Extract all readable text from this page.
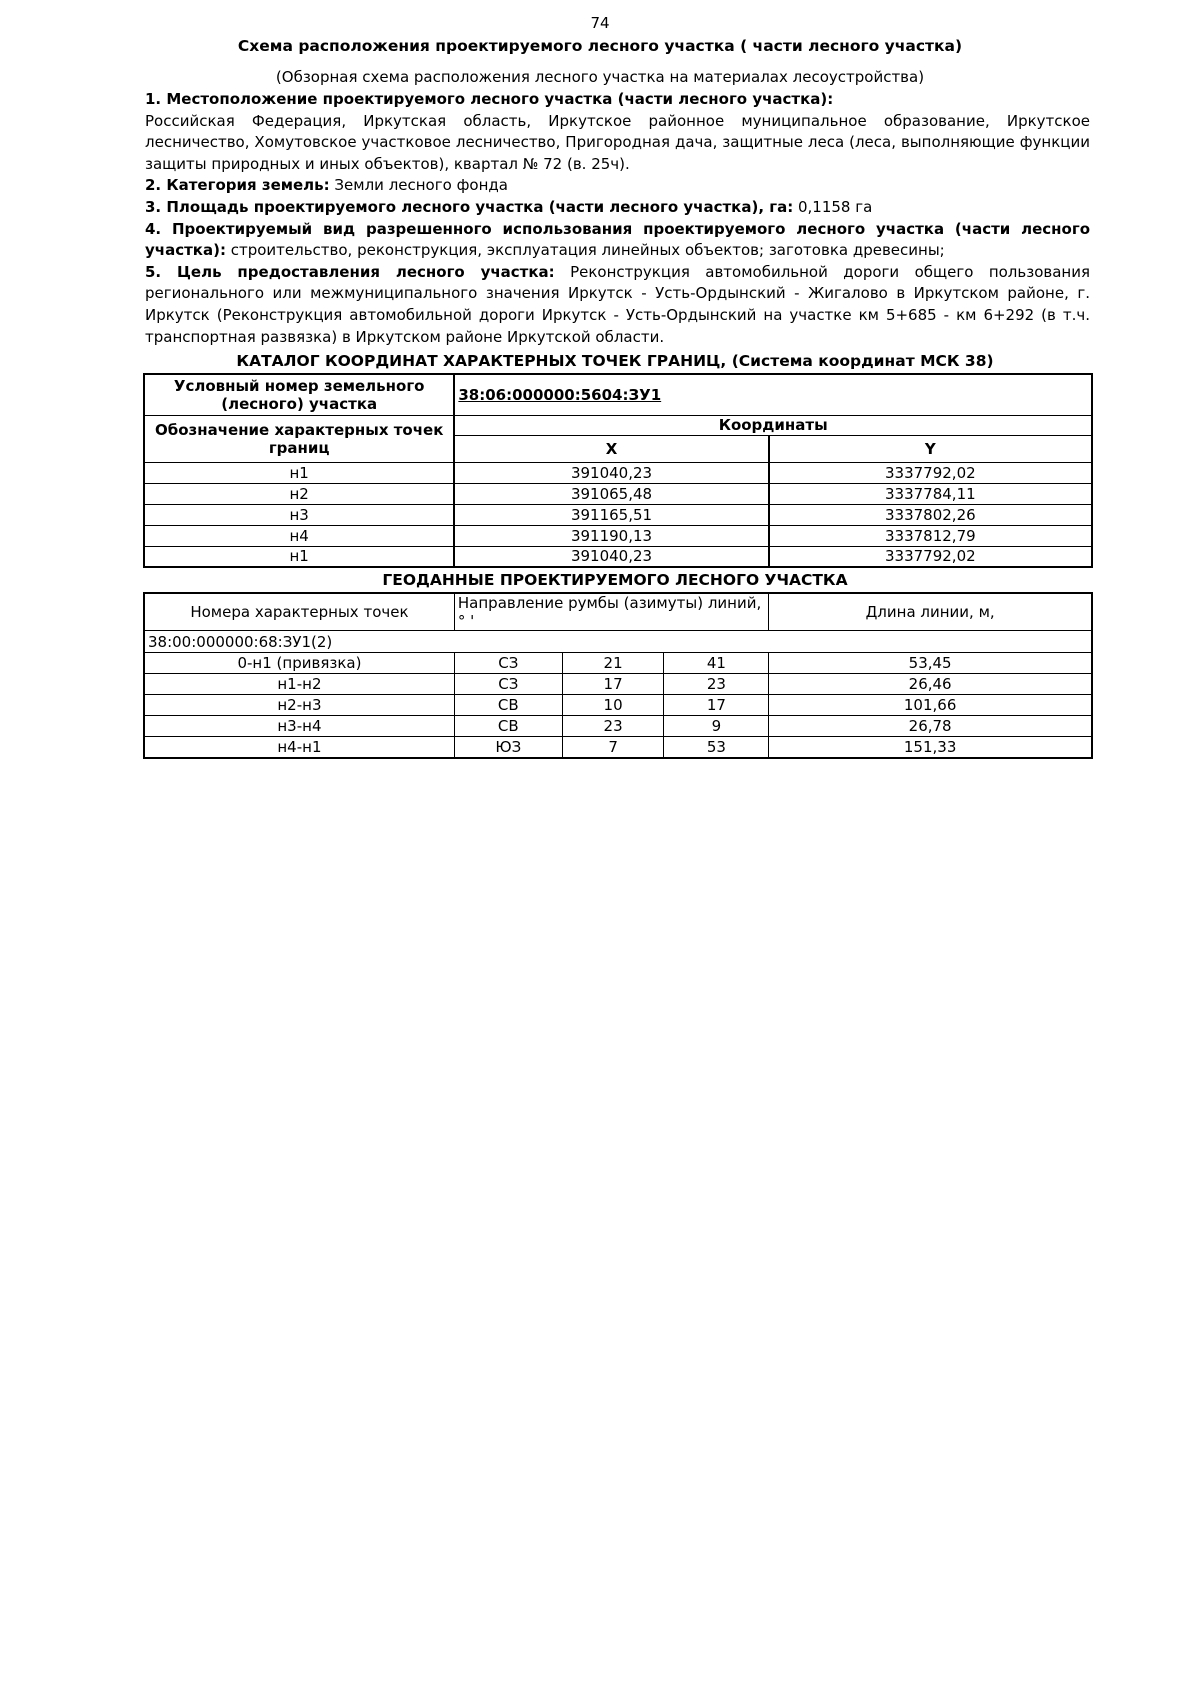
74
Схема расположения проектируемого лесного участка ( части лесного участка)
(Обзорная схема расположения лесного участка на материалах лесоустройства)

1. Местоположение проектируемого лесного участка (части лесного участка):
Российская Федерация, Иркутская область, Иркутское районное муниципальное образование, Иркутское лесничество, Хомутовское участковое лесничество, Пригородная дача, защитные леса (леса, выполняющие функции защиты природных и иных объектов), квартал № 72 (в. 25ч).

2. Категория земель: Земли лесного фонда

3. Площадь проектируемого лесного участка (части лесного участка), га: 0,1158 га

4. Проектируемый вид разрешенного использования проектируемого лесного участка (части лесного участка): строительство, реконструкция, эксплуатация линейных объектов; заготовка древесины;

5. Цель предоставления лесного участка: Реконструкция автомобильной дороги общего пользования регионального или межмуниципального значения Иркутск - Усть-Ордынский - Жигалово в Иркутском районе, г. Иркутск (Реконструкция автомобильной дороги Иркутск - Усть-Ордынский на участке км 5+685 - км 6+292 (в т.ч. транспортная развязка) в Иркутском районе Иркутской области.

КАТАЛОГ КООРДИНАТ ХАРАКТЕРНЫХ ТОЧЕК ГРАНИЦ, (Система координат МСК 38)
Условный номер земельного (лесного) участка	38:06:000000:5604:ЗУ1	
Обозначение характерных точек границ	Координаты	
	X	Y
н1	391040,23	3337792,02
н2	391065,48	3337784,11
н3	391165,51	3337802,26
н4	391190,13	3337812,79
н1	391040,23	3337792,02
ГЕОДАННЫЕ ПРОЕКТИРУЕМОГО ЛЕСНОГО УЧАСТКА
Номера характерных точек	Направление румбы (азимуты) линий, ° '			Длина линии, м,
38:00:000000:68:ЗУ1(2)				
0-н1 (привязка)	СЗ	21	41	53,45
н1-н2	СЗ	17	23	26,46
н2-н3	СВ	10	17	101,66
н3-н4	СВ	23	9	26,78
н4-н1	ЮЗ	7	53	151,33
